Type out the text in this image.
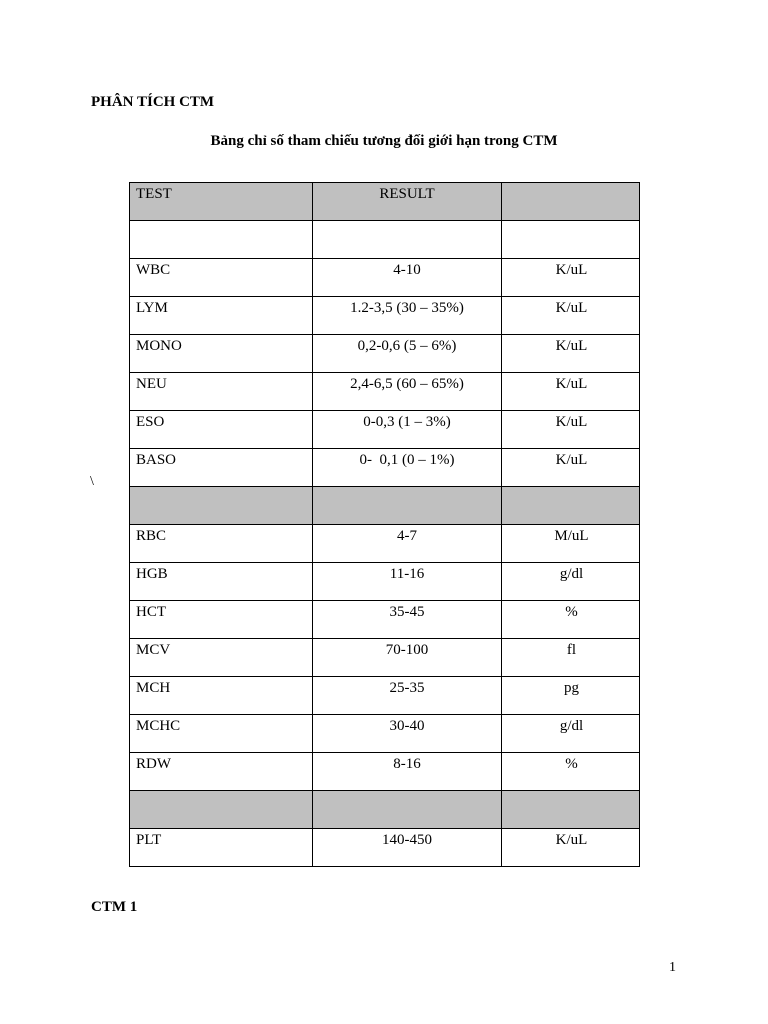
PHÂN TÍCH CTM
Bảng chỉ số tham chiếu tương đối giới hạn trong CTM
\
TEST	RESULT	

WBC	4-10	K/uL

LYM	1.2-3,5 (30 – 35%)	K/uL

MONO	0,2-0,6 (5 – 6%)	K/uL

NEU	2,4-6,5 (60 – 65%)	K/uL

ESO	0-0,3 (1 – 3%)	K/uL

BASO	0-  0,1 (0 – 1%)	K/uL

RBC	4-7	M/uL

HGB	11-16	g/dl

HCT	35-45	%

MCV	70-100	fl

MCH	25-35	pg

MCHC	30-40	g/dl

RDW	8-16	%

PLT	140-450	K/uL
CTM 1
1
